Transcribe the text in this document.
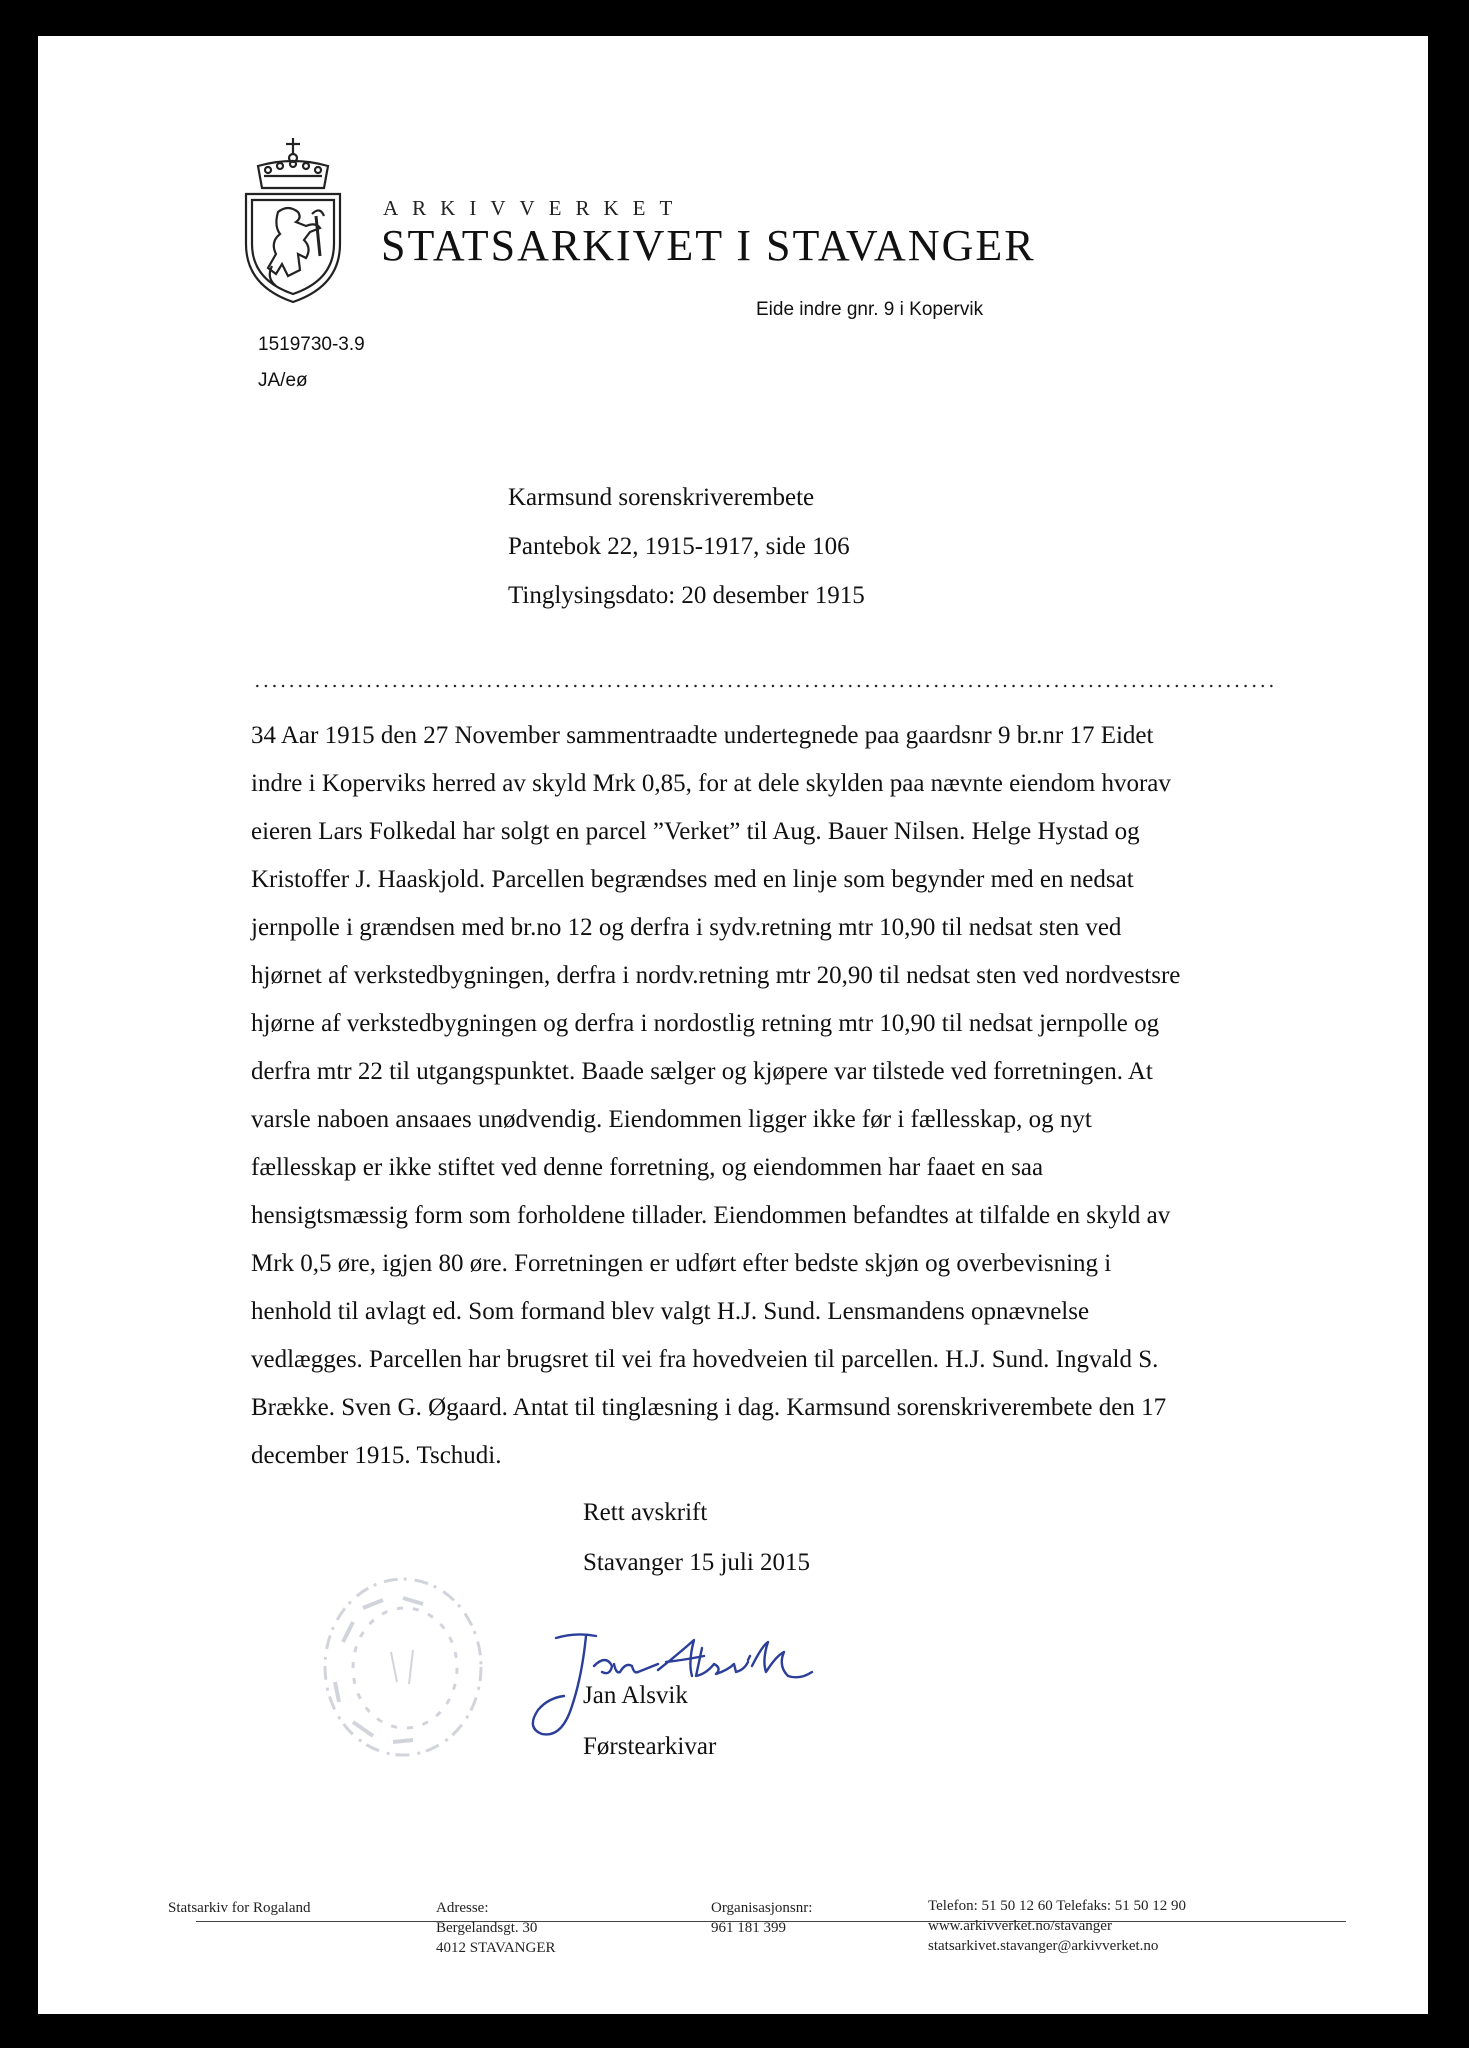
ARKIVVERKET
STATSARKIVET I STAVANGER
Eide indre gnr. 9 i Kopervik
1519730-3.9
JA/eø
Karmsund sorenskriverembete
Pantebok 22, 1915-1917, side 106
Tinglysingsdato: 20 desember 1915
34 Aar 1915 den 27 November sammentraadte undertegnede paa gaardsnr 9 br.nr 17 Eidet
indre i Koperviks herred av skyld Mrk 0,85, for at dele skylden paa nævnte eiendom hvorav
eieren Lars Folkedal har solgt en parcel ”Verket” til Aug. Bauer Nilsen. Helge Hystad og
Kristoffer J. Haaskjold. Parcellen begrændses med en linje som begynder med en nedsat
jernpolle i grændsen med br.no 12 og derfra i sydv.retning mtr 10,90 til nedsat sten ved
hjørnet af verkstedbygningen, derfra i nordv.retning mtr 20,90 til nedsat sten ved nordvestsre
hjørne af verkstedbygningen og derfra i nordostlig retning mtr 10,90 til nedsat jernpolle og
derfra mtr 22 til utgangspunktet. Baade sælger og kjøpere var tilstede ved forretningen. At
varsle naboen ansaaes unødvendig. Eiendommen ligger ikke før i fællesskap, og nyt
fællesskap er ikke stiftet ved denne forretning, og eiendommen har faaet en saa
hensigtsmæssig form som forholdene tillader. Eiendommen befandtes at tilfalde en skyld av
Mrk 0,5 øre, igjen 80 øre. Forretningen er udført efter bedste skjøn og overbevisning i
henhold til avlagt ed. Som formand blev valgt H.J. Sund. Lensmandens opnævnelse
vedlægges. Parcellen har brugsret til vei fra hovedveien til parcellen. H.J. Sund. Ingvald S.
Brække. Sven G. Øgaard. Antat til tinglæsning i dag. Karmsund sorenskriverembete den 17
december 1915. Tschudi.
Rett avskrift
Stavanger 15 juli 2015
Jan Alsvik
Førstearkivar
Statsarkiv for Rogaland	Adresse:
Bergelandsgt. 30
4012 STAVANGER
Organisasjonsnr:
961 181 399
Telefon: 51 50 12 60 Telefaks: 51 50 12 90
www.arkivverket.no/stavanger
statsarkivet.stavanger@arkivverket.no
